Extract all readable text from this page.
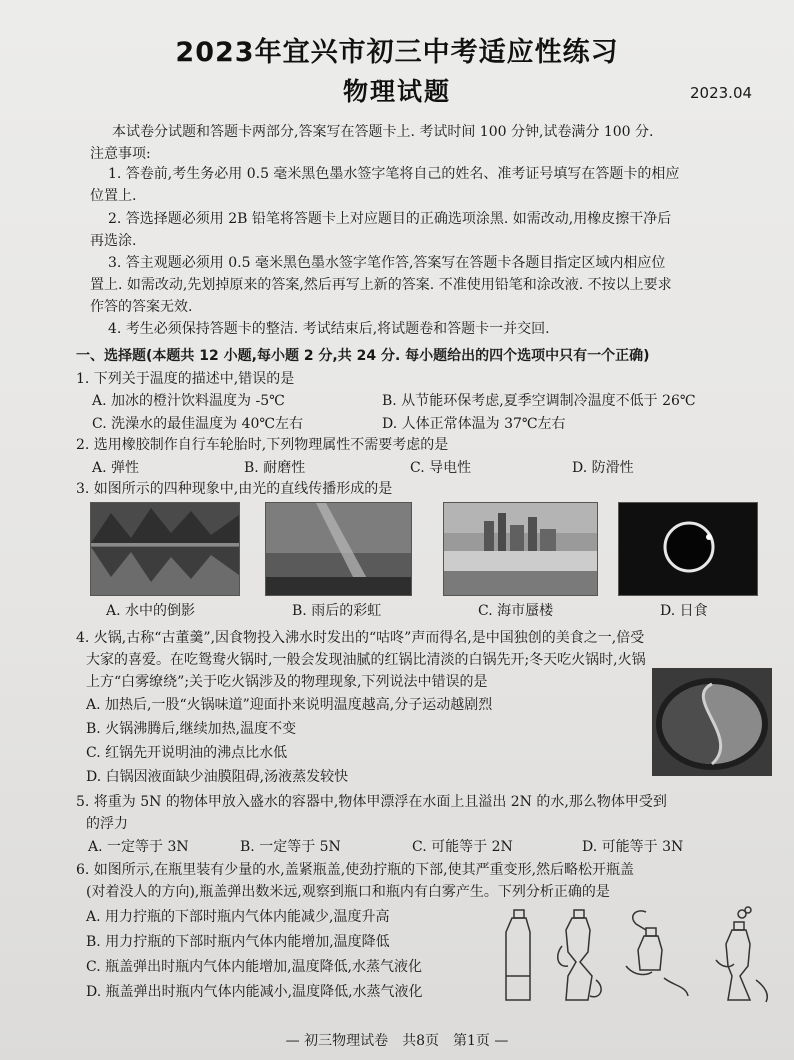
2023年宜兴市初三中考适应性练习
物理试题	2023.04
本试卷分试题和答题卡两部分,答案写在答题卡上. 考试时间 100 分钟,试卷满分 100 分.
注意事项:
1. 答卷前,考生务必用 0.5 毫米黑色墨水签字笔将自己的姓名、准考证号填写在答题卡的相应
位置上.
2. 答选择题必须用 2B 铅笔将答题卡上对应题目的正确选项涂黑. 如需改动,用橡皮擦干净后
再选涂.
3. 答主观题必须用 0.5 毫米黑色墨水签字笔作答,答案写在答题卡各题目指定区域内相应位
置上. 如需改动,先划掉原来的答案,然后再写上新的答案. 不准使用铅笔和涂改液. 不按以上要求
作答的答案无效.
4. 考生必须保持答题卡的整洁. 考试结束后,将试题卷和答题卡一并交回.
一、选择题(本题共 12 小题,每小题 2 分,共 24 分. 每小题给出的四个选项中只有一个正确)
1. 下列关于温度的描述中,错误的是
A. 加冰的橙汁饮料温度为 -5℃	B. 从节能环保考虑,夏季空调制冷温度不低于 26℃
C. 洗澡水的最佳温度为 40℃左右	D. 人体正常体温为 37℃左右
2. 选用橡胶制作自行车轮胎时,下列物理属性不需要考虑的是
A. 弹性	B. 耐磨性	C. 导电性	D. 防滑性
3. 如图所示的四种现象中,由光的直线传播形成的是
A. 水中的倒影	B. 雨后的彩虹	C. 海市蜃楼	D. 日食
4. 火锅,古称“古董羹”,因食物投入沸水时发出的“咕咚”声而得名,是中国独创的美食之一,倍受
大家的喜爱。在吃鸳鸯火锅时,一般会发现油腻的红锅比清淡的白锅先开;冬天吃火锅时,火锅
上方“白雾缭绕”;关于吃火锅涉及的物理现象,下列说法中错误的是
A. 加热后,一股“火锅味道”迎面扑来说明温度越高,分子运动越剧烈
B. 火锅沸腾后,继续加热,温度不变
C. 红锅先开说明油的沸点比水低
D. 白锅因液面缺少油膜阻碍,汤液蒸发较快
5. 将重为 5N 的物体甲放入盛水的容器中,物体甲漂浮在水面上且溢出 2N 的水,那么物体甲受到
的浮力
A. 一定等于 3N	B. 一定等于 5N	C. 可能等于 2N	D. 可能等于 3N
6. 如图所示,在瓶里装有少量的水,盖紧瓶盖,使劲拧瓶的下部,使其严重变形,然后略松开瓶盖
(对着没人的方向),瓶盖弹出数米远,观察到瓶口和瓶内有白雾产生。下列分析正确的是
A. 用力拧瓶的下部时瓶内气体内能减少,温度升高
B. 用力拧瓶的下部时瓶内气体内能增加,温度降低
C. 瓶盖弹出时瓶内气体内能增加,温度降低,水蒸气液化
D. 瓶盖弹出时瓶内气体内能减小,温度降低,水蒸气液化
— 初三物理试卷　共8页　第1页 —
